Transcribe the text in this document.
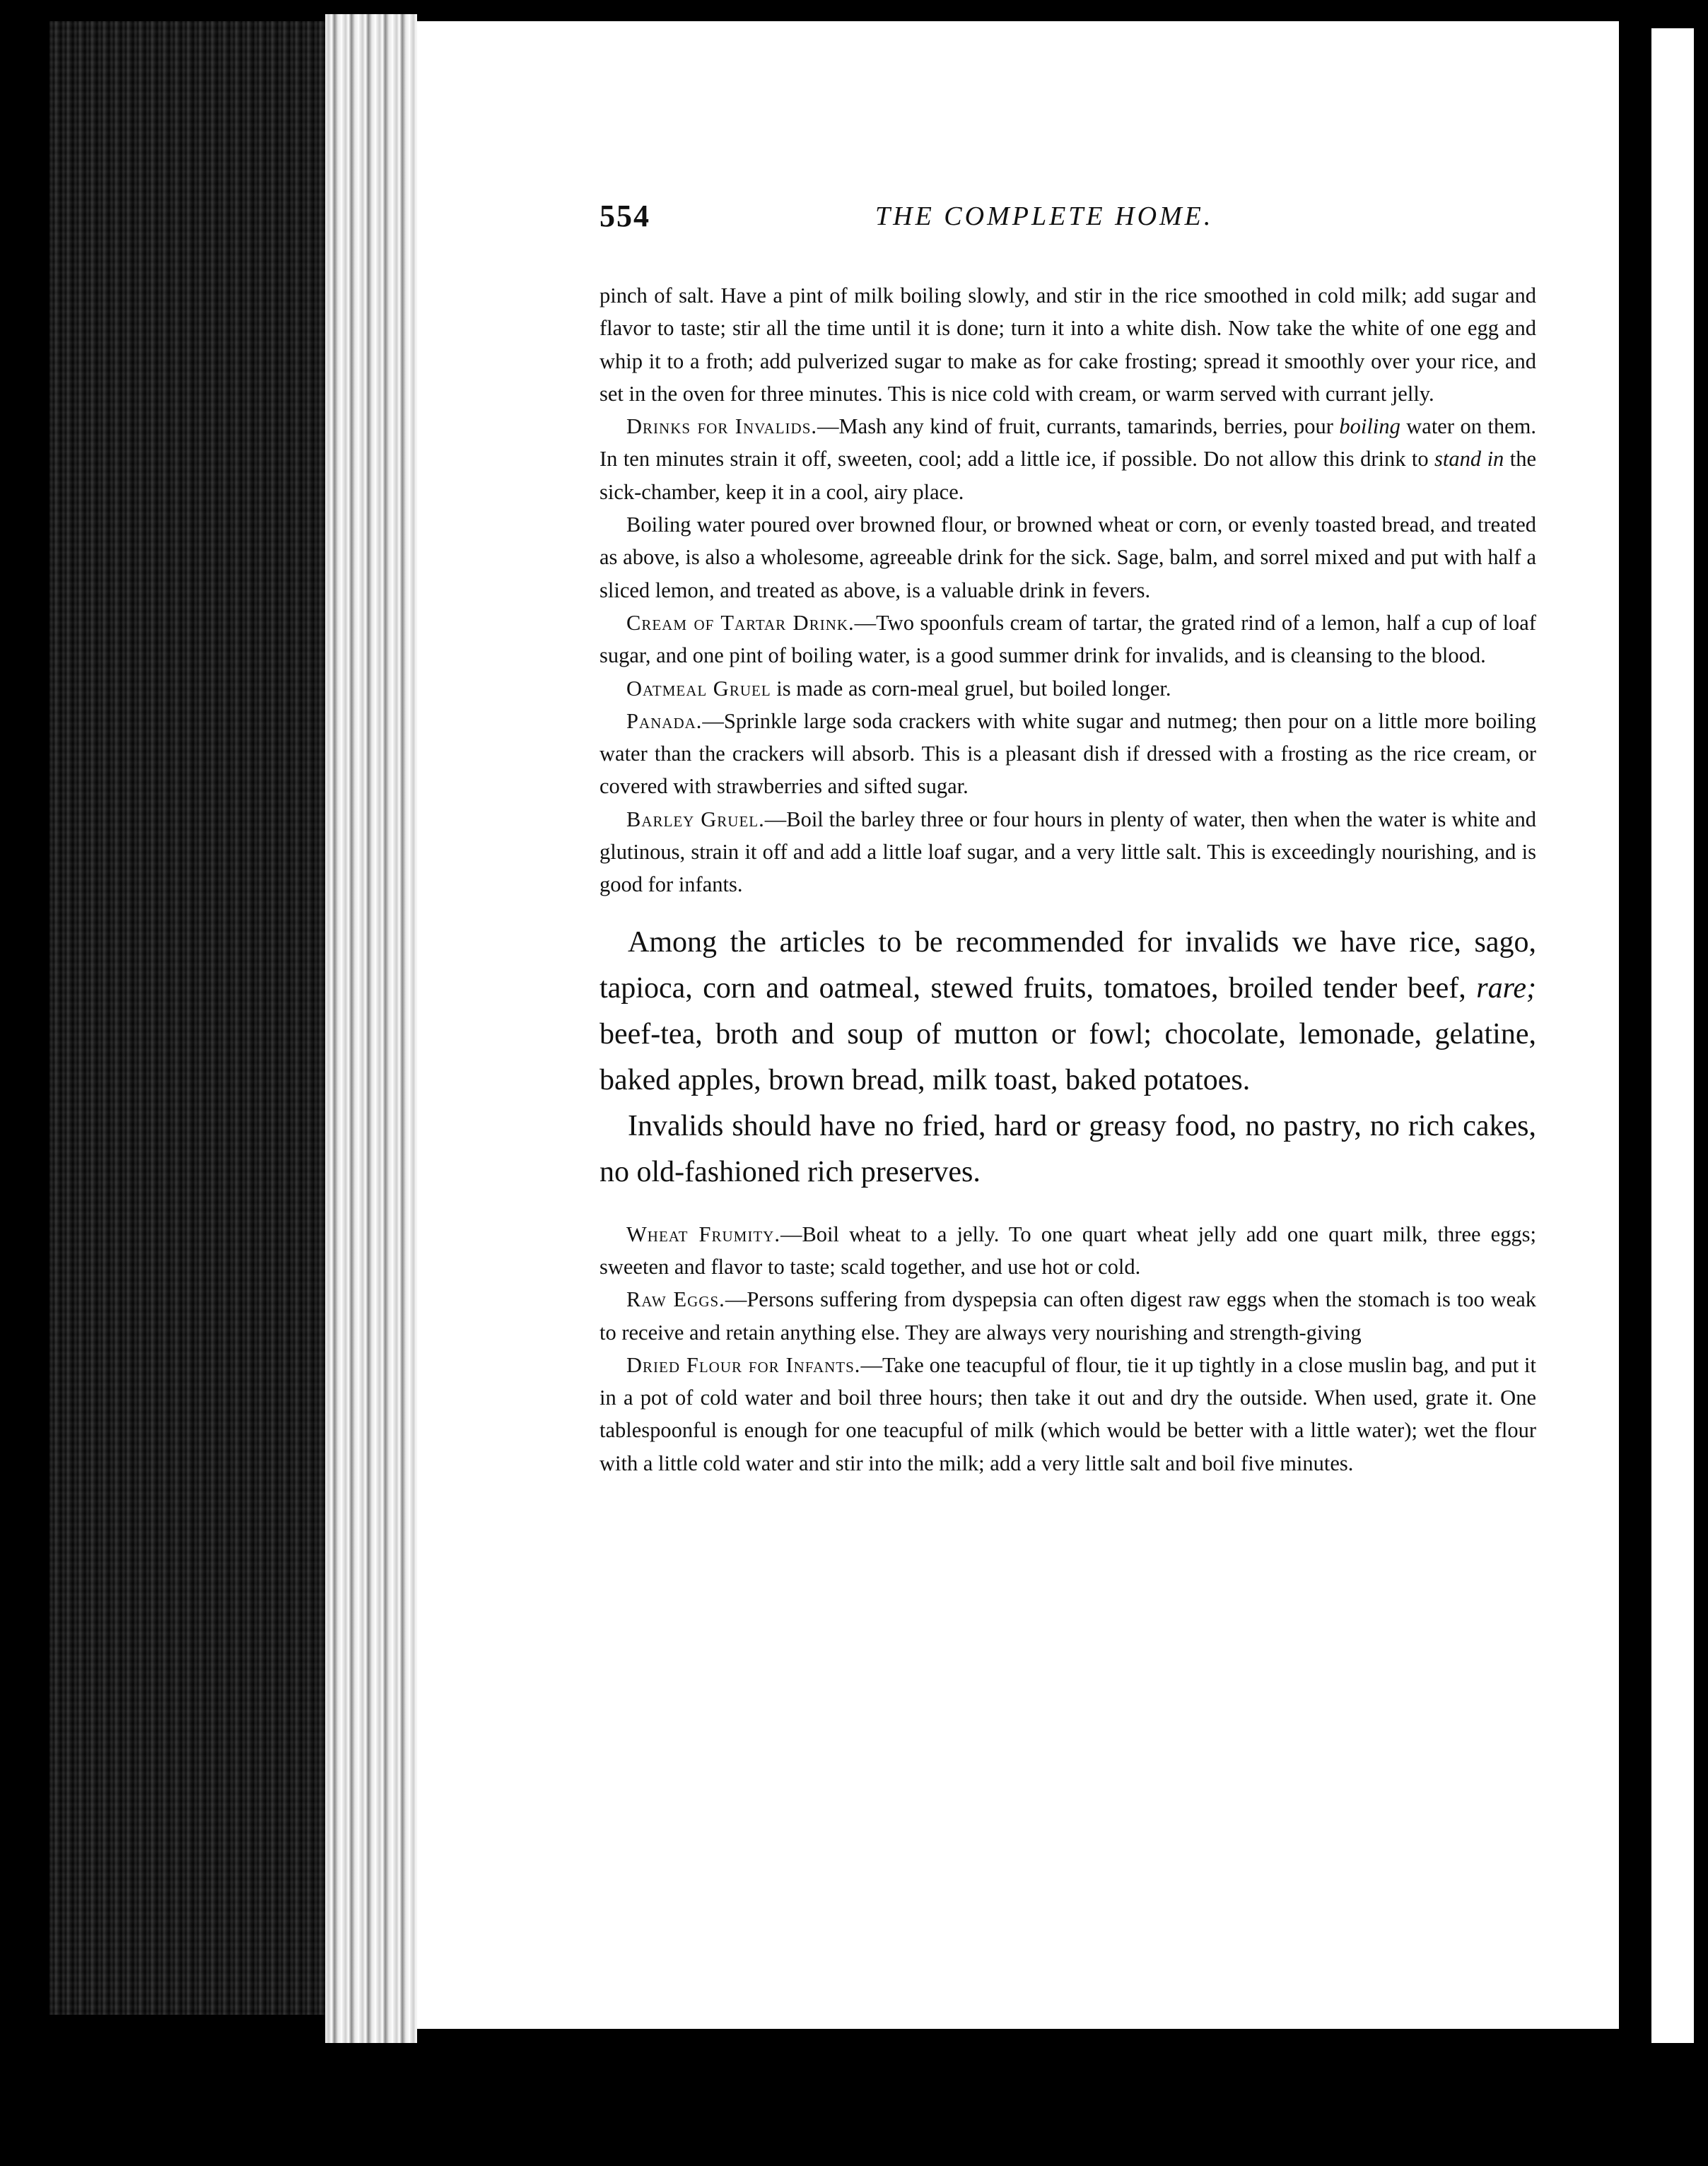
554	THE COMPLETE HOME.

pinch of salt. Have a pint of milk boiling slowly, and stir in the rice smoothed in cold milk; add sugar and flavor to taste; stir all the time until it is done; turn it into a white dish. Now take the white of one egg and whip it to a froth; add pulverized sugar to make as for cake frosting; spread it smoothly over your rice, and set in the oven for three minutes. This is nice cold with cream, or warm served with currant jelly.

Drinks for Invalids.—Mash any kind of fruit, currants, tamarinds, berries, pour boiling water on them. In ten minutes strain it off, sweeten, cool; add a little ice, if possible. Do not allow this drink to stand in the sick-chamber, keep it in a cool, airy place.

Boiling water poured over browned flour, or browned wheat or corn, or evenly toasted bread, and treated as above, is also a wholesome, agreeable drink for the sick. Sage, balm, and sorrel mixed and put with half a sliced lemon, and treated as above, is a valuable drink in fevers.

Cream of Tartar Drink.—Two spoonfuls cream of tartar, the grated rind of a lemon, half a cup of loaf sugar, and one pint of boiling water, is a good summer drink for invalids, and is cleansing to the blood.

Oatmeal Gruel is made as corn-meal gruel, but boiled longer.

Panada.—Sprinkle large soda crackers with white sugar and nutmeg; then pour on a little more boiling water than the crackers will absorb. This is a pleasant dish if dressed with a frosting as the rice cream, or covered with strawberries and sifted sugar.

Barley Gruel.—Boil the barley three or four hours in plenty of water, then when the water is white and glutinous, strain it off and add a little loaf sugar, and a very little salt. This is exceedingly nourishing, and is good for infants.

Among the articles to be recommended for invalids we have rice, sago, tapioca, corn and oatmeal, stewed fruits, tomatoes, broiled tender beef, rare; beef-tea, broth and soup of mutton or fowl; chocolate, lemonade, gelatine, baked apples, brown bread, milk toast, baked potatoes.

Invalids should have no fried, hard or greasy food, no pastry, no rich cakes, no old-fashioned rich preserves.

Wheat Frumity.—Boil wheat to a jelly. To one quart wheat jelly add one quart milk, three eggs; sweeten and flavor to taste; scald together, and use hot or cold.

Raw Eggs.—Persons suffering from dyspepsia can often digest raw eggs when the stomach is too weak to receive and retain anything else. They are always very nourishing and strength-giving

Dried Flour for Infants.—Take one teacupful of flour, tie it up tightly in a close muslin bag, and put it in a pot of cold water and boil three hours; then take it out and dry the outside. When used, grate it. One tablespoonful is enough for one teacupful of milk (which would be better with a little water); wet the flour with a little cold water and stir into the milk; add a very little salt and boil five minutes.
